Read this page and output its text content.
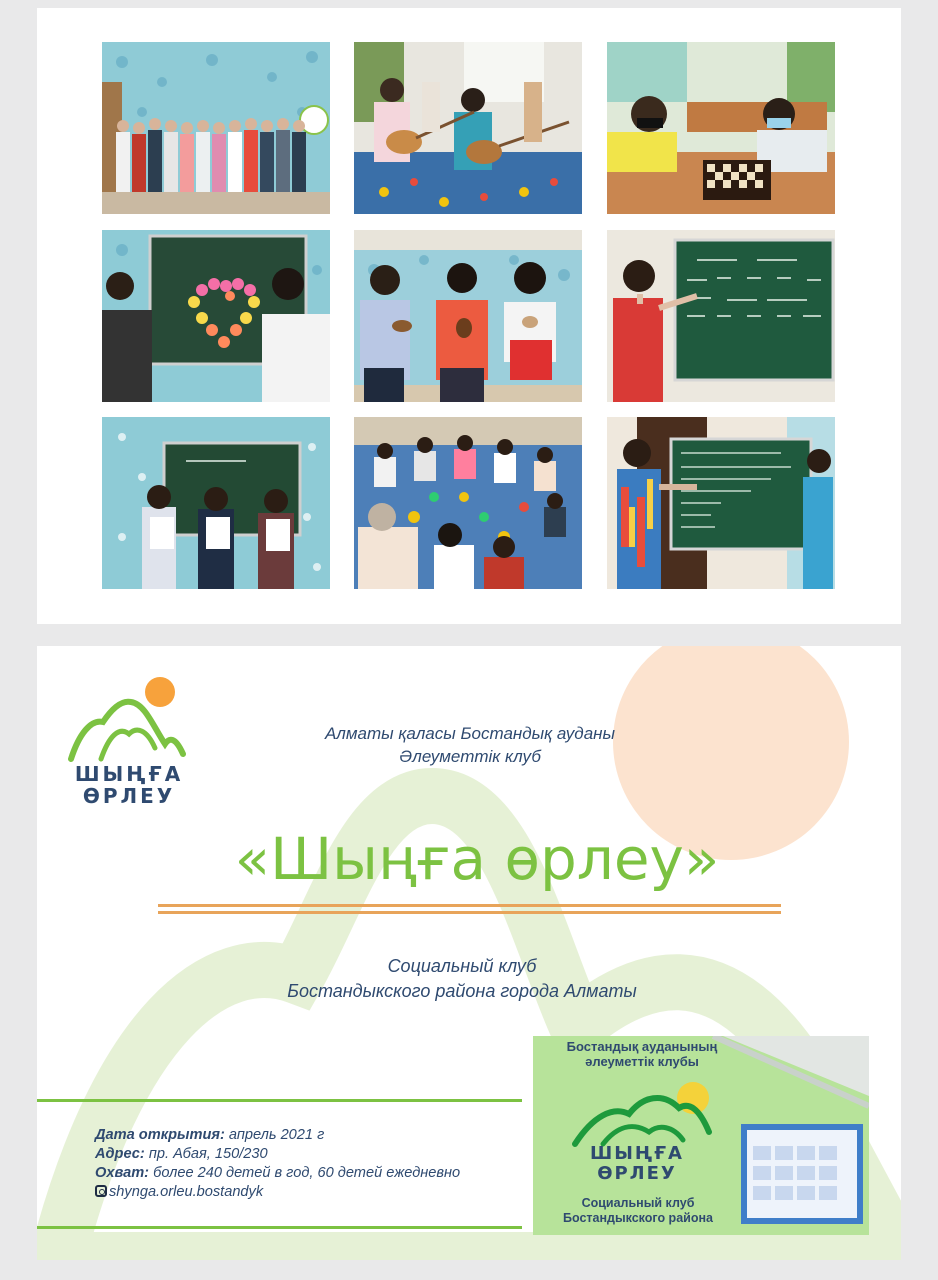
ШЫҢҒА
ӨРЛЕУ
Алматы қаласы Бостандық ауданы
Әлеуметтік клуб
«Шыңға өрлеу»
Социальный клуб
Бостандыкского района города Алматы
Дата открытия: апрель 2021 г
Адрес: пр. Абая, 150/230
Охват: более 240 детей в год, 60 детей ежедневно
shynga.orleu.bostandyk
Бостандық ауданының
әлеуметтік клубы
ШЫҢҒА
ӨРЛЕУ
Социальный клуб
Бостандыкского района
